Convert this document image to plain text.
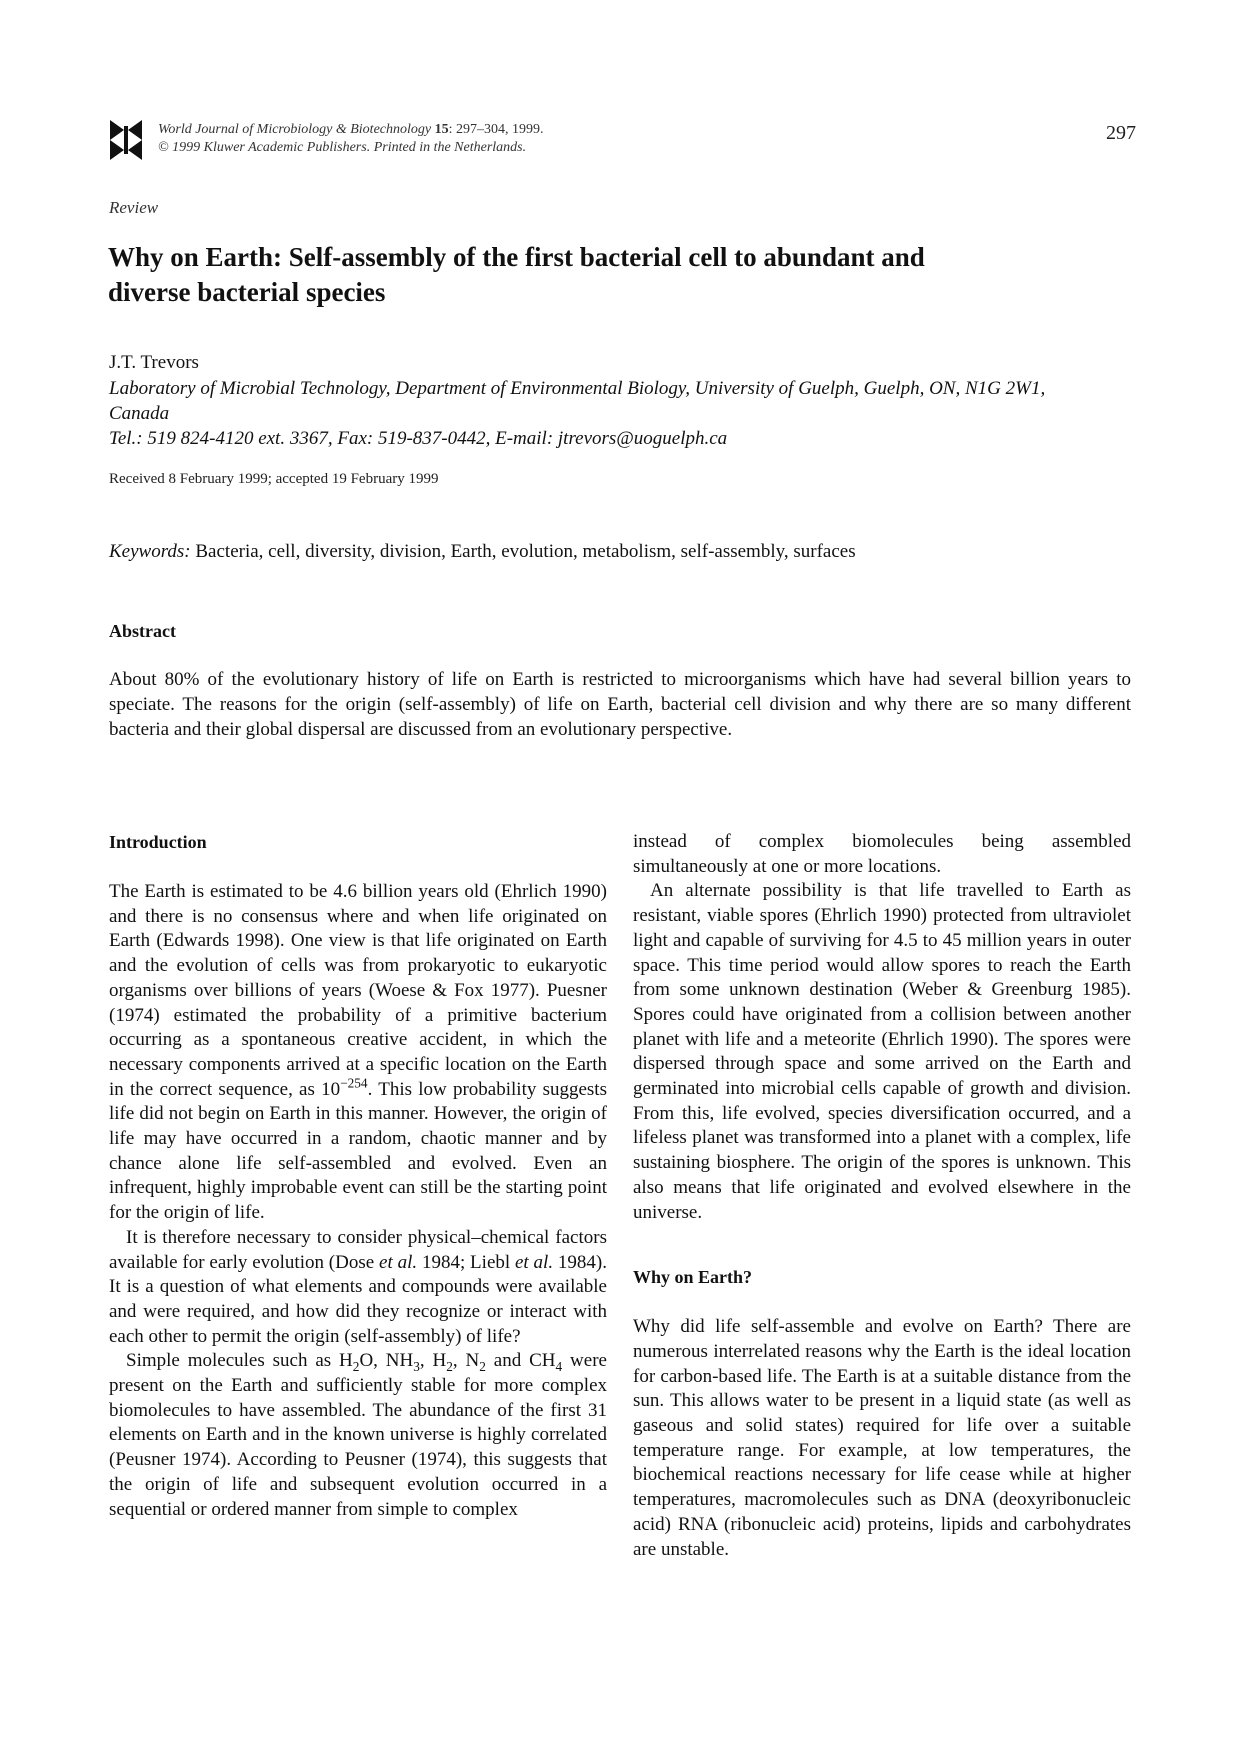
World Journal of Microbiology & Biotechnology 15: 297–304, 1999.
© 1999 Kluwer Academic Publishers. Printed in the Netherlands.
297
Review
Why on Earth: Self-assembly of the first bacterial cell to abundant and diverse bacterial species
J.T. Trevors
Laboratory of Microbial Technology, Department of Environmental Biology, University of Guelph, Guelph, ON, N1G 2W1, Canada
Tel.: 519 824-4120 ext. 3367, Fax: 519-837-0442, E-mail: jtrevors@uoguelph.ca
Received 8 February 1999; accepted 19 February 1999
Keywords: Bacteria, cell, diversity, division, Earth, evolution, metabolism, self-assembly, surfaces
Abstract

About 80% of the evolutionary history of life on Earth is restricted to microorganisms which have had several billion years to speciate. The reasons for the origin (self-assembly) of life on Earth, bacterial cell division and why there are so many different bacteria and their global dispersal are discussed from an evolutionary perspective.

Introduction

The Earth is estimated to be 4.6 billion years old (Ehrlich 1990) and there is no consensus where and when life originated on Earth (Edwards 1998). One view is that life originated on Earth and the evolution of cells was from prokaryotic to eukaryotic organisms over billions of years (Woese & Fox 1977). Puesner (1974) estimated the probability of a primitive bacterium occurring as a spontaneous creative accident, in which the necessary components arrived at a specific location on the Earth in the correct sequence, as $10^{-254}$. This low probability suggests life did not begin on Earth in this manner. However, the origin of life may have occurred in a random, chaotic manner and by chance alone life self-assembled and evolved. Even an infrequent, highly improbable event can still be the starting point for the origin of life.

It is therefore necessary to consider physical–chemical factors available for early evolution (Dose et al. 1984; Liebl et al. 1984). It is a question of what elements and compounds were available and were required, and how did they recognize or interact with each other to permit the origin (self-assembly) of life?

Simple molecules such as $H_2O$, $NH_3$, $H_2$, $N_2$ and $CH_4$ were present on the Earth and sufficiently stable for more complex biomolecules to have assembled. The abundance of the first 31 elements on Earth and in the known universe is highly correlated (Peusner 1974). According to Peusner (1974), this suggests that the origin of life and subsequent evolution occurred in a sequential or ordered manner from simple to complex

instead of complex biomolecules being assembled simultaneously at one or more locations.

An alternate possibility is that life travelled to Earth as resistant, viable spores (Ehrlich 1990) protected from ultraviolet light and capable of surviving for 4.5 to 45 million years in outer space. This time period would allow spores to reach the Earth from some unknown destination (Weber & Greenburg 1985). Spores could have originated from a collision between another planet with life and a meteorite (Ehrlich 1990). The spores were dispersed through space and some arrived on the Earth and germinated into microbial cells capable of growth and division. From this, life evolved, species diversification occurred, and a lifeless planet was transformed into a planet with a complex, life sustaining biosphere. The origin of the spores is unknown. This also means that life originated and evolved elsewhere in the universe.

Why on Earth?

Why did life self-assemble and evolve on Earth? There are numerous interrelated reasons why the Earth is the ideal location for carbon-based life. The Earth is at a suitable distance from the sun. This allows water to be present in a liquid state (as well as gaseous and solid states) required for life over a suitable temperature range. For example, at low temperatures, the biochemical reactions necessary for life cease while at higher temperatures, macromolecules such as DNA (deoxyribonucleic acid) RNA (ribonucleic acid) proteins, lipids and carbohydrates are unstable.
